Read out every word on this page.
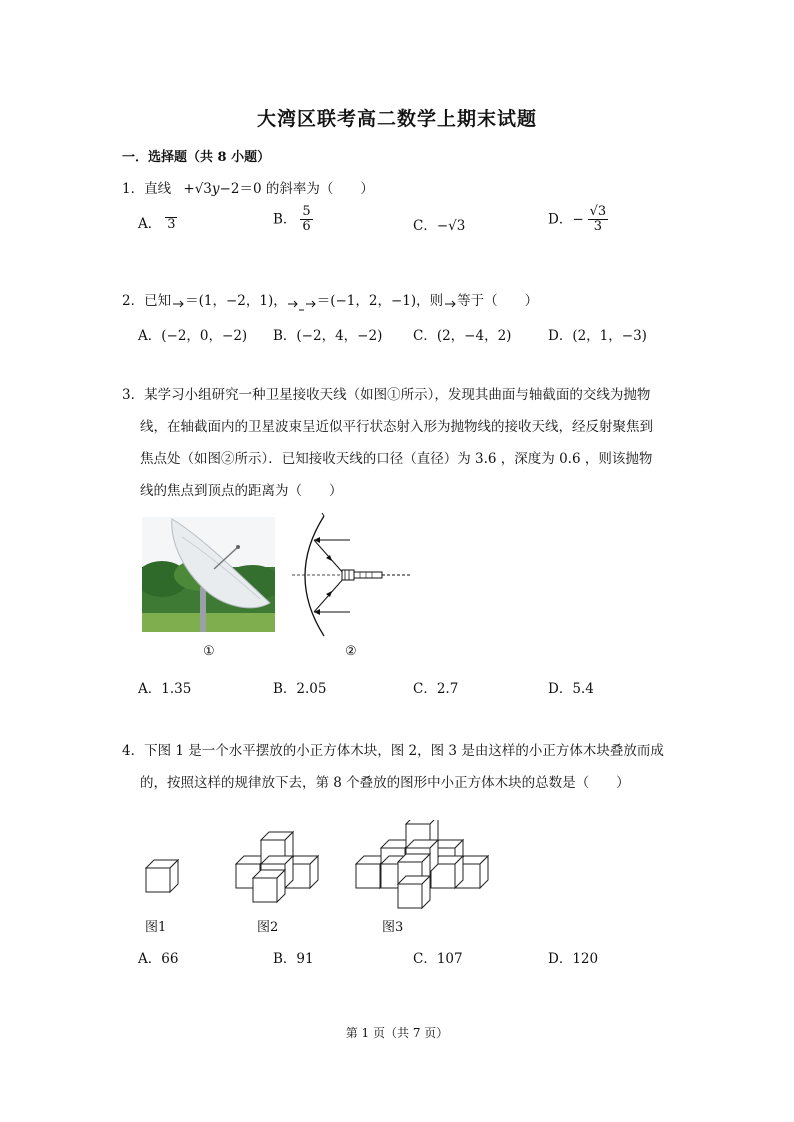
大湾区联考高二数学上期末试题
一．选择题（共 8 小题）
1．直线 +√3y−2＝0 的斜率为（　　）
A． 3	B． $\frac{5}{6}$	C．−√3	D．− $\frac{√3}{3}$
2．已知 ＝(1，−2，1)， ＝(−1，2，−1)，则 等于（　　）
A．(−2，0，−2) B．(−2，4，−2) C．(2，−4，2)	D．(2，1，−3)
3．某学习小组研究一种卫星接收天线（如图①所示），发现其曲面与轴截面的交线为抛物
线，在轴截面内的卫星波束呈近似平行状态射入形为抛物线的接收天线，经反射聚焦到
焦点处（如图②所示）．已知接收天线的口径（直径）为 3.6 ，深度为 0.6 ，则该抛物
线的焦点到顶点的距离为（　　）
①	②
A．1.35	B．2.05	C．2.7	D．5.4
4．下图 1 是一个水平摆放的小正方体木块，图 2，图 3 是由这样的小正方体木块叠放而成
的，按照这样的规律放下去，第 8 个叠放的图形中小正方体木块的总数是（　　）
图1	图2	图3
A．66	B．91	C．107	D．120
第 1 页（共 7 页）
